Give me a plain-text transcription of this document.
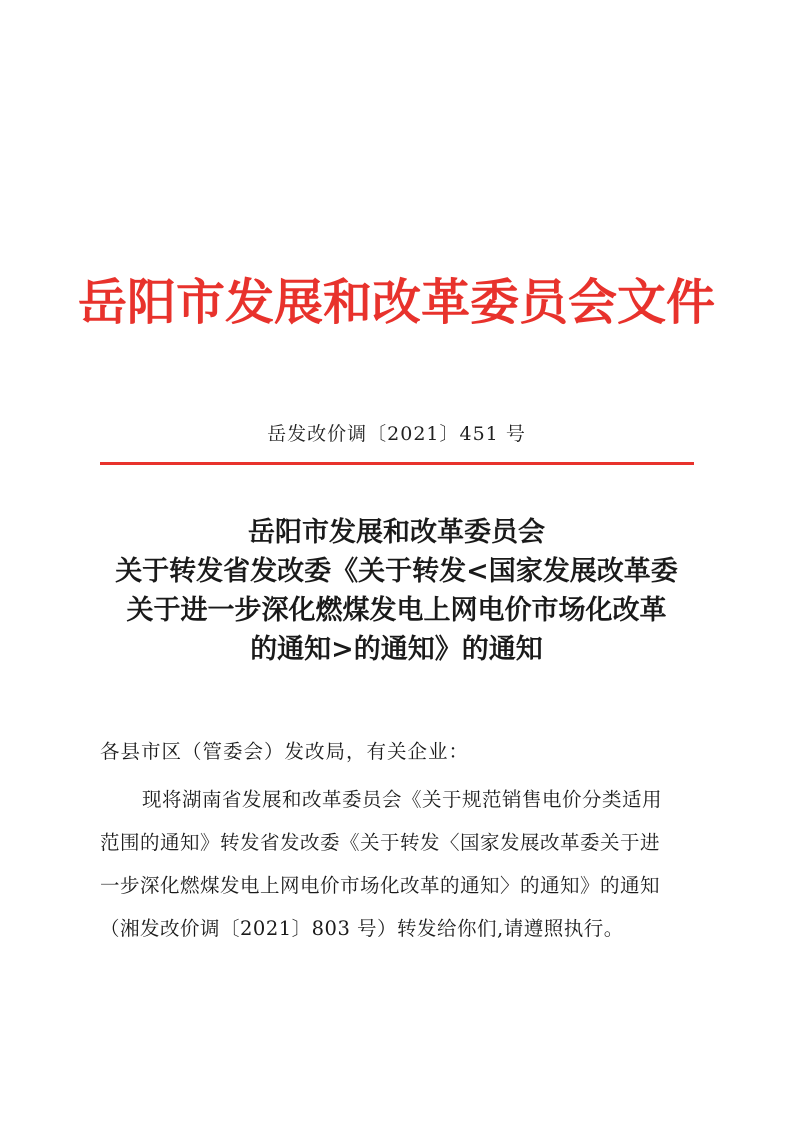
岳阳市发展和改革委员会文件
岳发改价调〔2021〕451 号
岳阳市发展和改革委员会
关于转发省发改委《关于转发<国家发展改革委
关于进一步深化燃煤发电上网电价市场化改革
的通知>的通知》的通知
各县市区（管委会）发改局，有关企业：
现将湖南省发展和改革委员会《关于规范销售电价分类适用
范围的通知》转发省发改委《关于转发〈国家发展改革委关于进
一步深化燃煤发电上网电价市场化改革的通知〉的通知》的通知
（湘发改价调〔2021〕803 号）转发给你们,请遵照执行。
